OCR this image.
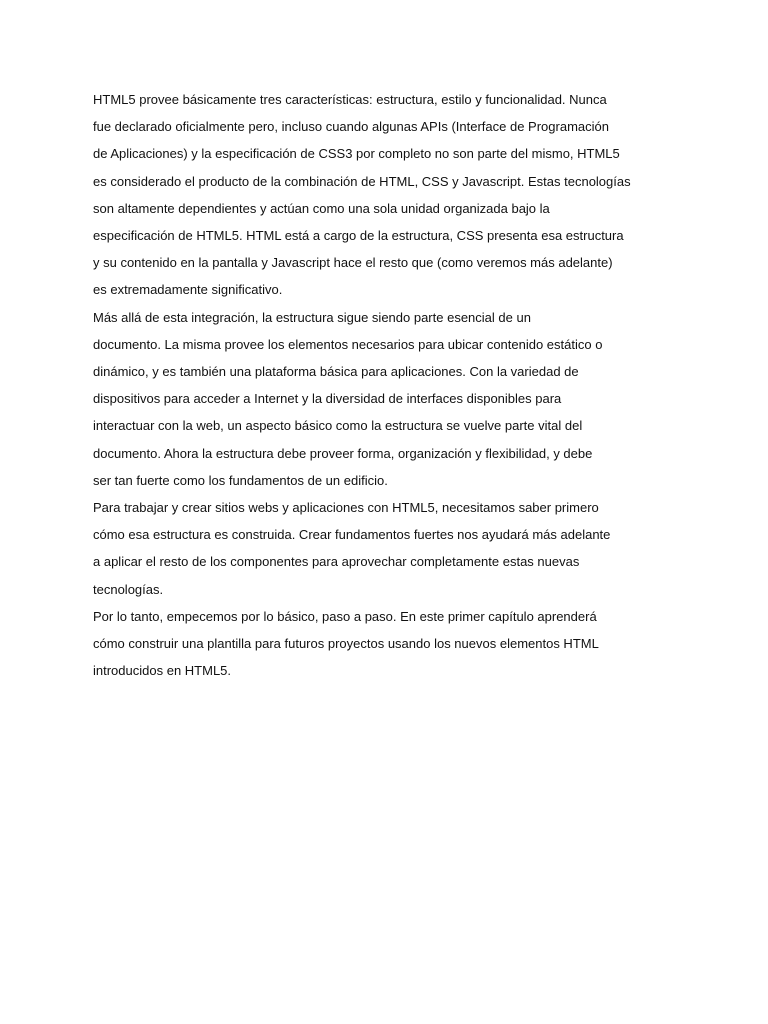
HTML5 provee básicamente tres características: estructura, estilo y funcionalidad. Nunca
fue declarado oficialmente pero, incluso cuando algunas APIs (Interface de Programación
de Aplicaciones) y la especificación de CSS3 por completo no son parte del mismo, HTML5
es considerado el producto de la combinación de HTML, CSS y Javascript. Estas tecnologías
son altamente dependientes y actúan como una sola unidad organizada bajo la
especificación de HTML5. HTML está a cargo de la estructura, CSS presenta esa estructura
y su contenido en la pantalla y Javascript hace el resto que (como veremos más adelante)
es extremadamente significativo.
Más allá de esta integración, la estructura sigue siendo parte esencial de un
documento. La misma provee los elementos necesarios para ubicar contenido estático o
dinámico, y es también una plataforma básica para aplicaciones. Con la variedad de
dispositivos para acceder a Internet y la diversidad de interfaces disponibles para
interactuar con la web, un aspecto básico como la estructura se vuelve parte vital del
documento. Ahora la estructura debe proveer forma, organización y flexibilidad, y debe
ser tan fuerte como los fundamentos de un edificio.
Para trabajar y crear sitios webs y aplicaciones con HTML5, necesitamos saber primero
cómo esa estructura es construida. Crear fundamentos fuertes nos ayudará más adelante
a aplicar el resto de los componentes para aprovechar completamente estas nuevas
tecnologías.
Por lo tanto, empecemos por lo básico, paso a paso. En este primer capítulo aprenderá
cómo construir una plantilla para futuros proyectos usando los nuevos elementos HTML
introducidos en HTML5.
